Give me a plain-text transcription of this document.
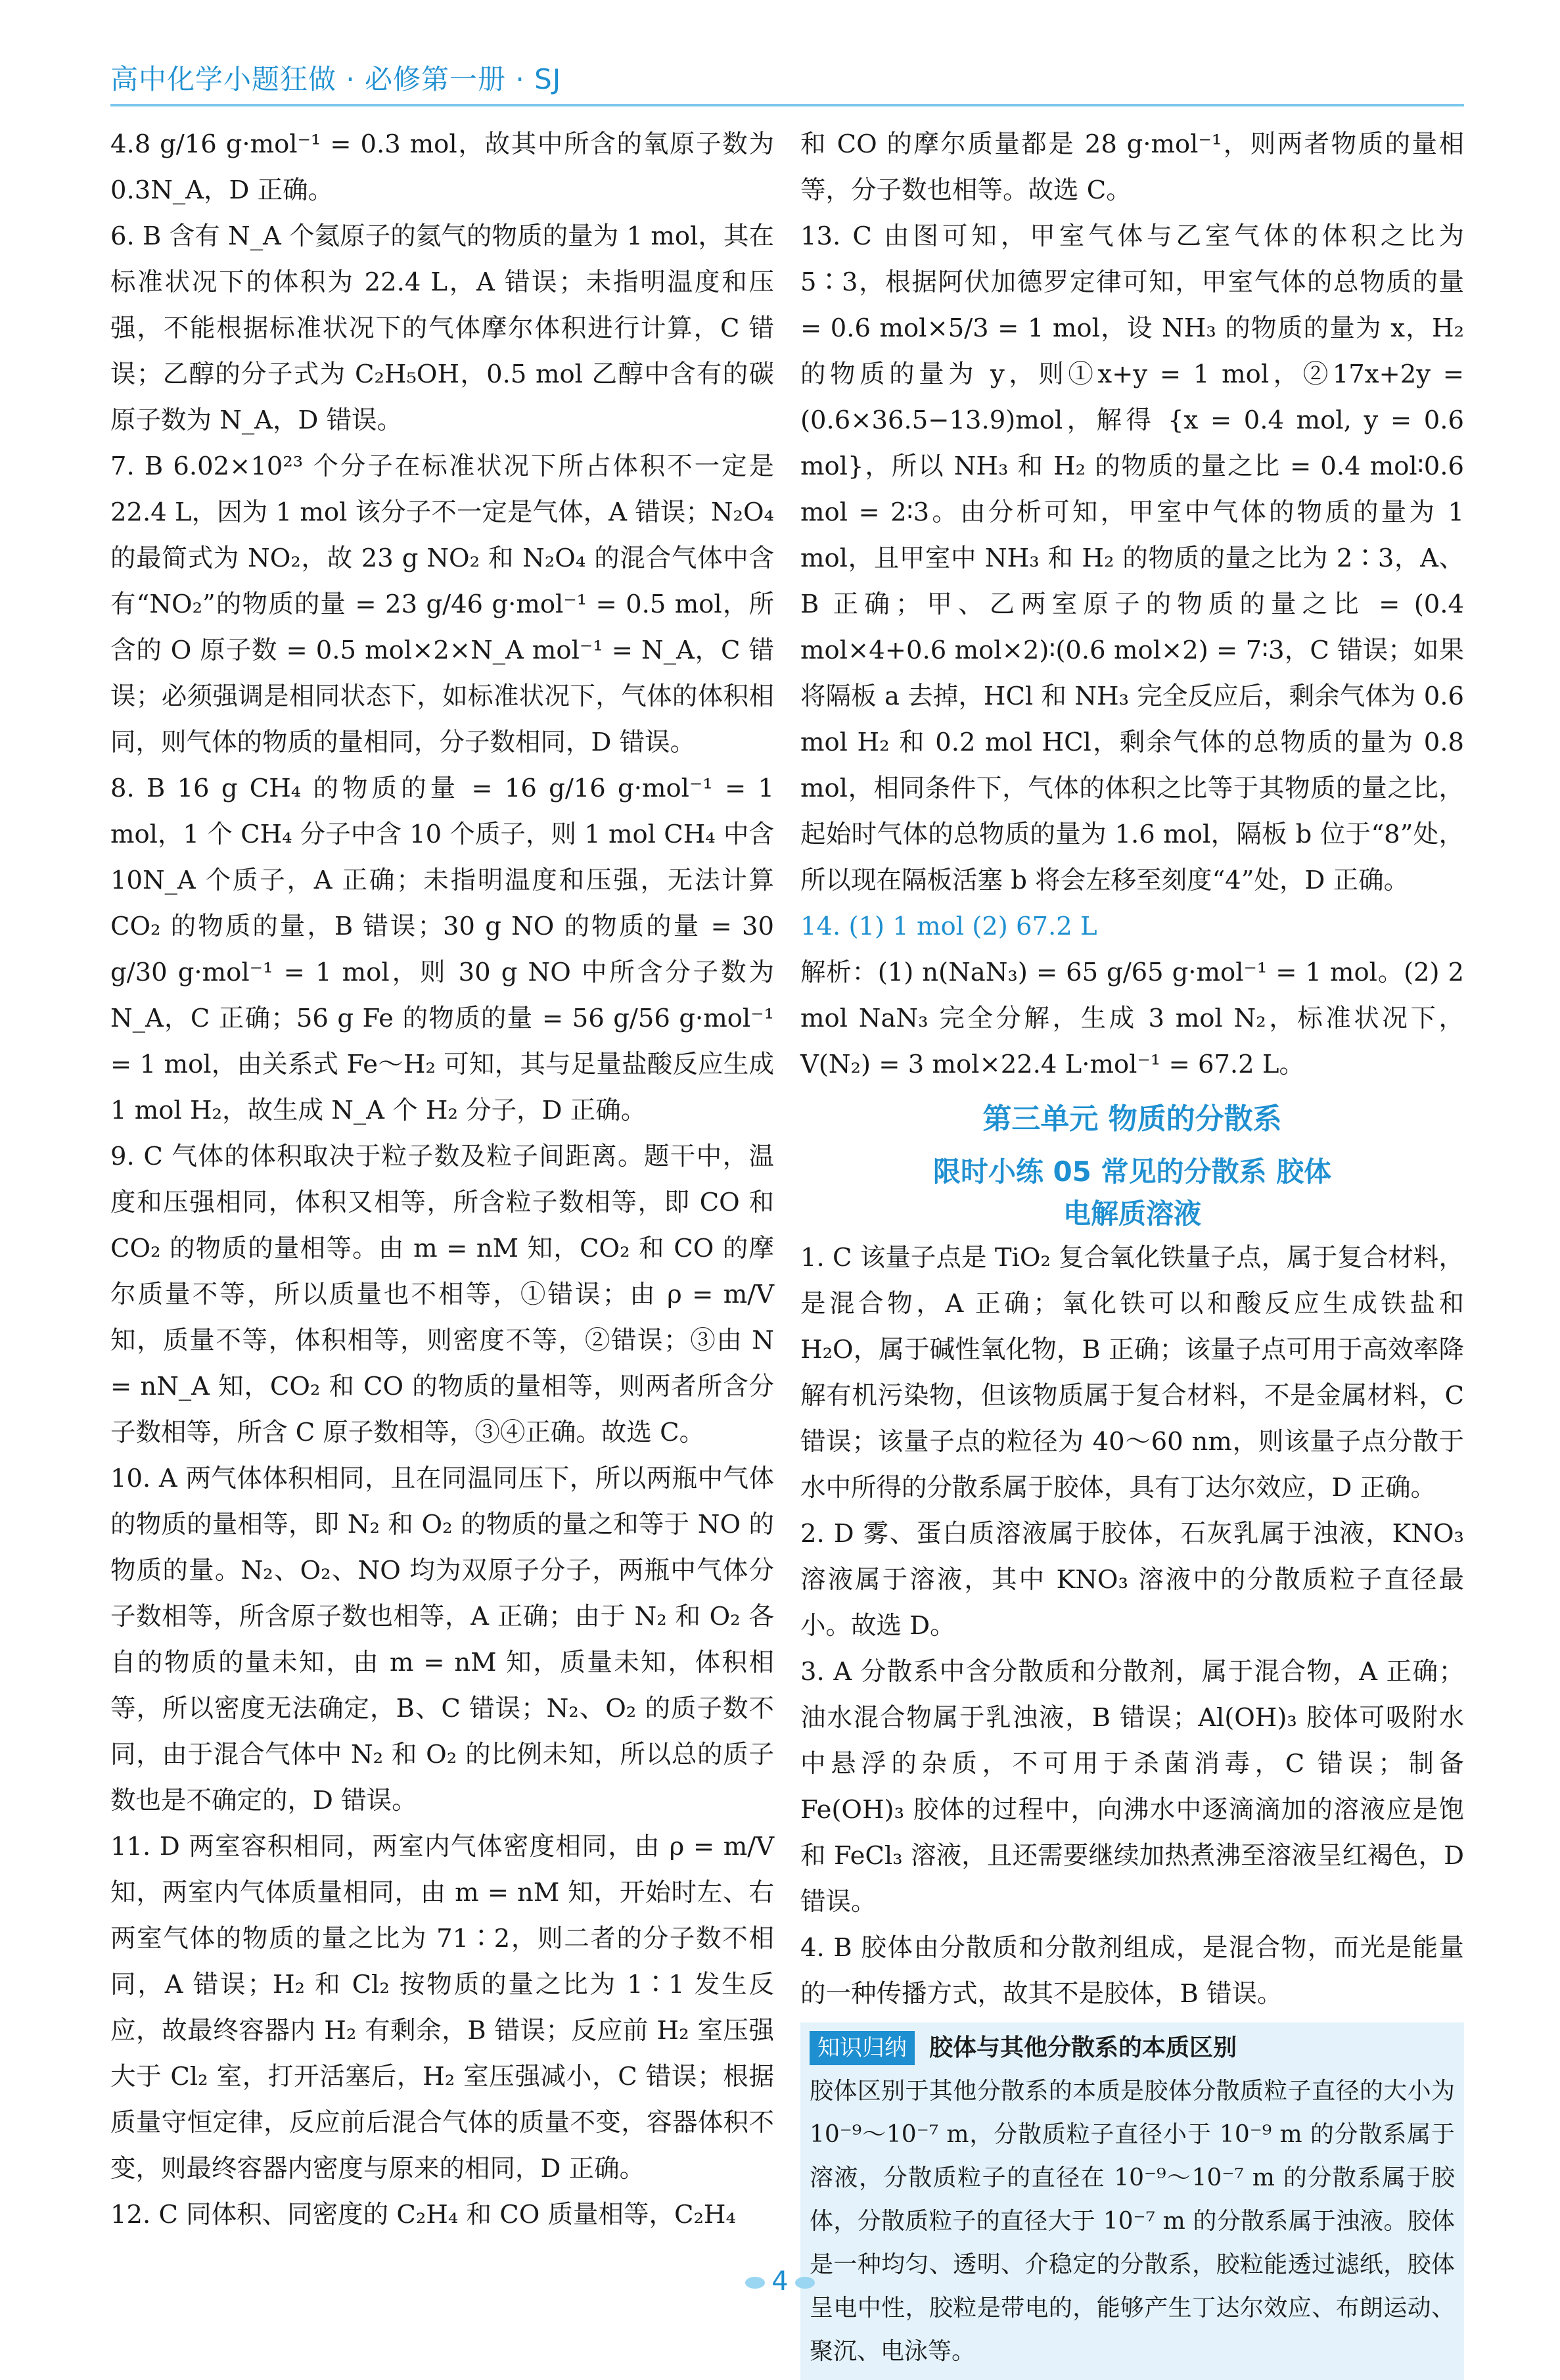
高中化学小题狂做 · 必修第一册 · SJ

4.8 g/16 g·mol⁻¹ = 0.3 mol，故其中所含的氧原子数为 0.3N_A，D 正确。

6. B 含有 N_A 个氦原子的氦气的物质的量为 1 mol，其在标准状况下的体积为 22.4 L，A 错误；未指明温度和压强，不能根据标准状况下的气体摩尔体积进行计算，C 错误；乙醇的分子式为 C₂H₅OH，0.5 mol 乙醇中含有的碳原子数为 N_A，D 错误。

7. B 6.02×10²³ 个分子在标准状况下所占体积不一定是 22.4 L，因为 1 mol 该分子不一定是气体，A 错误；N₂O₄ 的最简式为 NO₂，故 23 g NO₂ 和 N₂O₄ 的混合气体中含有“NO₂”的物质的量 = 23 g/46 g·mol⁻¹ = 0.5 mol，所含的 O 原子数 = 0.5 mol×2×N_A mol⁻¹ = N_A，C 错误；必须强调是相同状态下，如标准状况下，气体的体积相同，则气体的物质的量相同，分子数相同，D 错误。

8. B 16 g CH₄ 的物质的量 = 16 g/16 g·mol⁻¹ = 1 mol，1 个 CH₄ 分子中含 10 个质子，则 1 mol CH₄ 中含 10N_A 个质子，A 正确；未指明温度和压强，无法计算 CO₂ 的物质的量，B 错误；30 g NO 的物质的量 = 30 g/30 g·mol⁻¹ = 1 mol，则 30 g NO 中所含分子数为 N_A，C 正确；56 g Fe 的物质的量 = 56 g/56 g·mol⁻¹ = 1 mol，由关系式 Fe～H₂ 可知，其与足量盐酸反应生成 1 mol H₂，故生成 N_A 个 H₂ 分子，D 正确。

9. C 气体的体积取决于粒子数及粒子间距离。题干中，温度和压强相同，体积又相等，所含粒子数相等，即 CO 和 CO₂ 的物质的量相等。由 m = nM 知，CO₂ 和 CO 的摩尔质量不等，所以质量也不相等，①错误；由 ρ = m/V 知，质量不等，体积相等，则密度不等，②错误；③由 N = nN_A 知，CO₂ 和 CO 的物质的量相等，则两者所含分子数相等，所含 C 原子数相等，③④正确。故选 C。

10. A 两气体体积相同，且在同温同压下，所以两瓶中气体的物质的量相等，即 N₂ 和 O₂ 的物质的量之和等于 NO 的物质的量。N₂、O₂、NO 均为双原子分子，两瓶中气体分子数相等，所含原子数也相等，A 正确；由于 N₂ 和 O₂ 各自的物质的量未知，由 m = nM 知，质量未知，体积相等，所以密度无法确定，B、C 错误；N₂、O₂ 的质子数不同，由于混合气体中 N₂ 和 O₂ 的比例未知，所以总的质子数也是不确定的，D 错误。

11. D 两室容积相同，两室内气体密度相同，由 ρ = m/V 知，两室内气体质量相同，由 m = nM 知，开始时左、右两室气体的物质的量之比为 71∶2，则二者的分子数不相同，A 错误；H₂ 和 Cl₂ 按物质的量之比为 1∶1 发生反应，故最终容器内 H₂ 有剩余，B 错误；反应前 H₂ 室压强大于 Cl₂ 室，打开活塞后，H₂ 室压强减小，C 错误；根据质量守恒定律，反应前后混合气体的质量不变，容器体积不变，则最终容器内密度与原来的相同，D 正确。

12. C 同体积、同密度的 C₂H₄ 和 CO 质量相等，C₂H₄

和 CO 的摩尔质量都是 28 g·mol⁻¹，则两者物质的量相等，分子数也相等。故选 C。

13. C 由图可知，甲室气体与乙室气体的体积之比为 5∶3，根据阿伏加德罗定律可知，甲室气体的总物质的量 = 0.6 mol×5/3 = 1 mol，设 NH₃ 的物质的量为 x，H₂ 的物质的量为 y，则①x+y = 1 mol，②17x+2y = (0.6×36.5−13.9)mol，解得 {x = 0.4 mol, y = 0.6 mol}，所以 NH₃ 和 H₂ 的物质的量之比 = 0.4 mol∶0.6 mol = 2∶3。由分析可知，甲室中气体的物质的量为 1 mol，且甲室中 NH₃ 和 H₂ 的物质的量之比为 2∶3，A、B 正确；甲、乙两室原子的物质的量之比 = (0.4 mol×4+0.6 mol×2)∶(0.6 mol×2) = 7∶3，C 错误；如果将隔板 a 去掉，HCl 和 NH₃ 完全反应后，剩余气体为 0.6 mol H₂ 和 0.2 mol HCl，剩余气体的总物质的量为 0.8 mol，相同条件下，气体的体积之比等于其物质的量之比，起始时气体的总物质的量为 1.6 mol，隔板 b 位于“8”处，所以现在隔板活塞 b 将会左移至刻度“4”处，D 正确。

14. (1) 1 mol (2) 67.2 L

解析：(1) n(NaN₃) = 65 g/65 g·mol⁻¹ = 1 mol。(2) 2 mol NaN₃ 完全分解，生成 3 mol N₂，标准状况下，V(N₂) = 3 mol×22.4 L·mol⁻¹ = 67.2 L。

第三单元 物质的分散系
限时小练 05 常见的分散系 胶体
电解质溶液

1. C 该量子点是 TiO₂ 复合氧化铁量子点，属于复合材料，是混合物，A 正确；氧化铁可以和酸反应生成铁盐和 H₂O，属于碱性氧化物，B 正确；该量子点可用于高效率降解有机污染物，但该物质属于复合材料，不是金属材料，C 错误；该量子点的粒径为 40～60 nm，则该量子点分散于水中所得的分散系属于胶体，具有丁达尔效应，D 正确。

2. D 雾、蛋白质溶液属于胶体，石灰乳属于浊液，KNO₃ 溶液属于溶液，其中 KNO₃ 溶液中的分散质粒子直径最小。故选 D。

3. A 分散系中含分散质和分散剂，属于混合物，A 正确；油水混合物属于乳浊液，B 错误；Al(OH)₃ 胶体可吸附水中悬浮的杂质，不可用于杀菌消毒，C 错误；制备 Fe(OH)₃ 胶体的过程中，向沸水中逐滴滴加的溶液应是饱和 FeCl₃ 溶液，且还需要继续加热煮沸至溶液呈红褐色，D 错误。

4. B 胶体由分散质和分散剂组成，是混合物，而光是能量的一种传播方式，故其不是胶体，B 错误。

知识归纳 胶体与其他分散系的本质区别
胶体区别于其他分散系的本质是胶体分散质粒子直径的大小为 10⁻⁹～10⁻⁷ m，分散质粒子直径小于 10⁻⁹ m 的分散系属于溶液，分散质粒子的直径在 10⁻⁹～10⁻⁷ m 的分散系属于胶体，分散质粒子的直径大于 10⁻⁷ m 的分散系属于浊液。胶体是一种均匀、透明、介稳定的分散系，胶粒能透过滤纸，胶体呈电中性，胶粒是带电的，能够产生丁达尔效应、布朗运动、聚沉、电泳等。
4
